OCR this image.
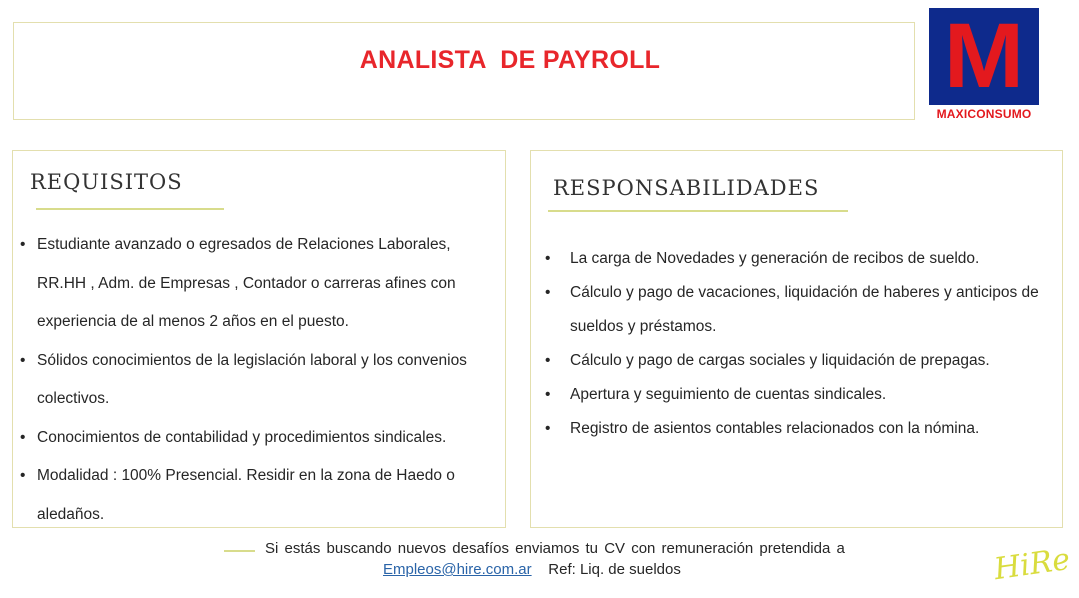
ANALISTA  DE PAYROLL	M
MAXICONSUMO
REQUISITOS
• Estudiante avanzado o egresados de Relaciones Laborales, RR.HH , Adm. de Empresas , Contador o carreras afines con experiencia de al menos 2 años en el puesto.
• Sólidos conocimientos de la legislación laboral y los convenios colectivos.
• Conocimientos de contabilidad y procedimientos sindicales.
• Modalidad : 100% Presencial. Residir en la zona de Haedo o aledaños.
RESPONSABILIDADES
• La carga de Novedades y generación de recibos de sueldo.
• Cálculo y pago de vacaciones, liquidación de haberes y anticipos de sueldos y préstamos.
• Cálculo y pago de cargas sociales y liquidación de prepagas.
• Apertura y seguimiento de cuentas sindicales.
• Registro de asientos contables relacionados con la nómina.
Si estás buscando nuevos desafíos enviamos tu CV con remuneración pretendida a
Empleos@hire.com.ar Ref: Liq. de sueldos	HiRe
